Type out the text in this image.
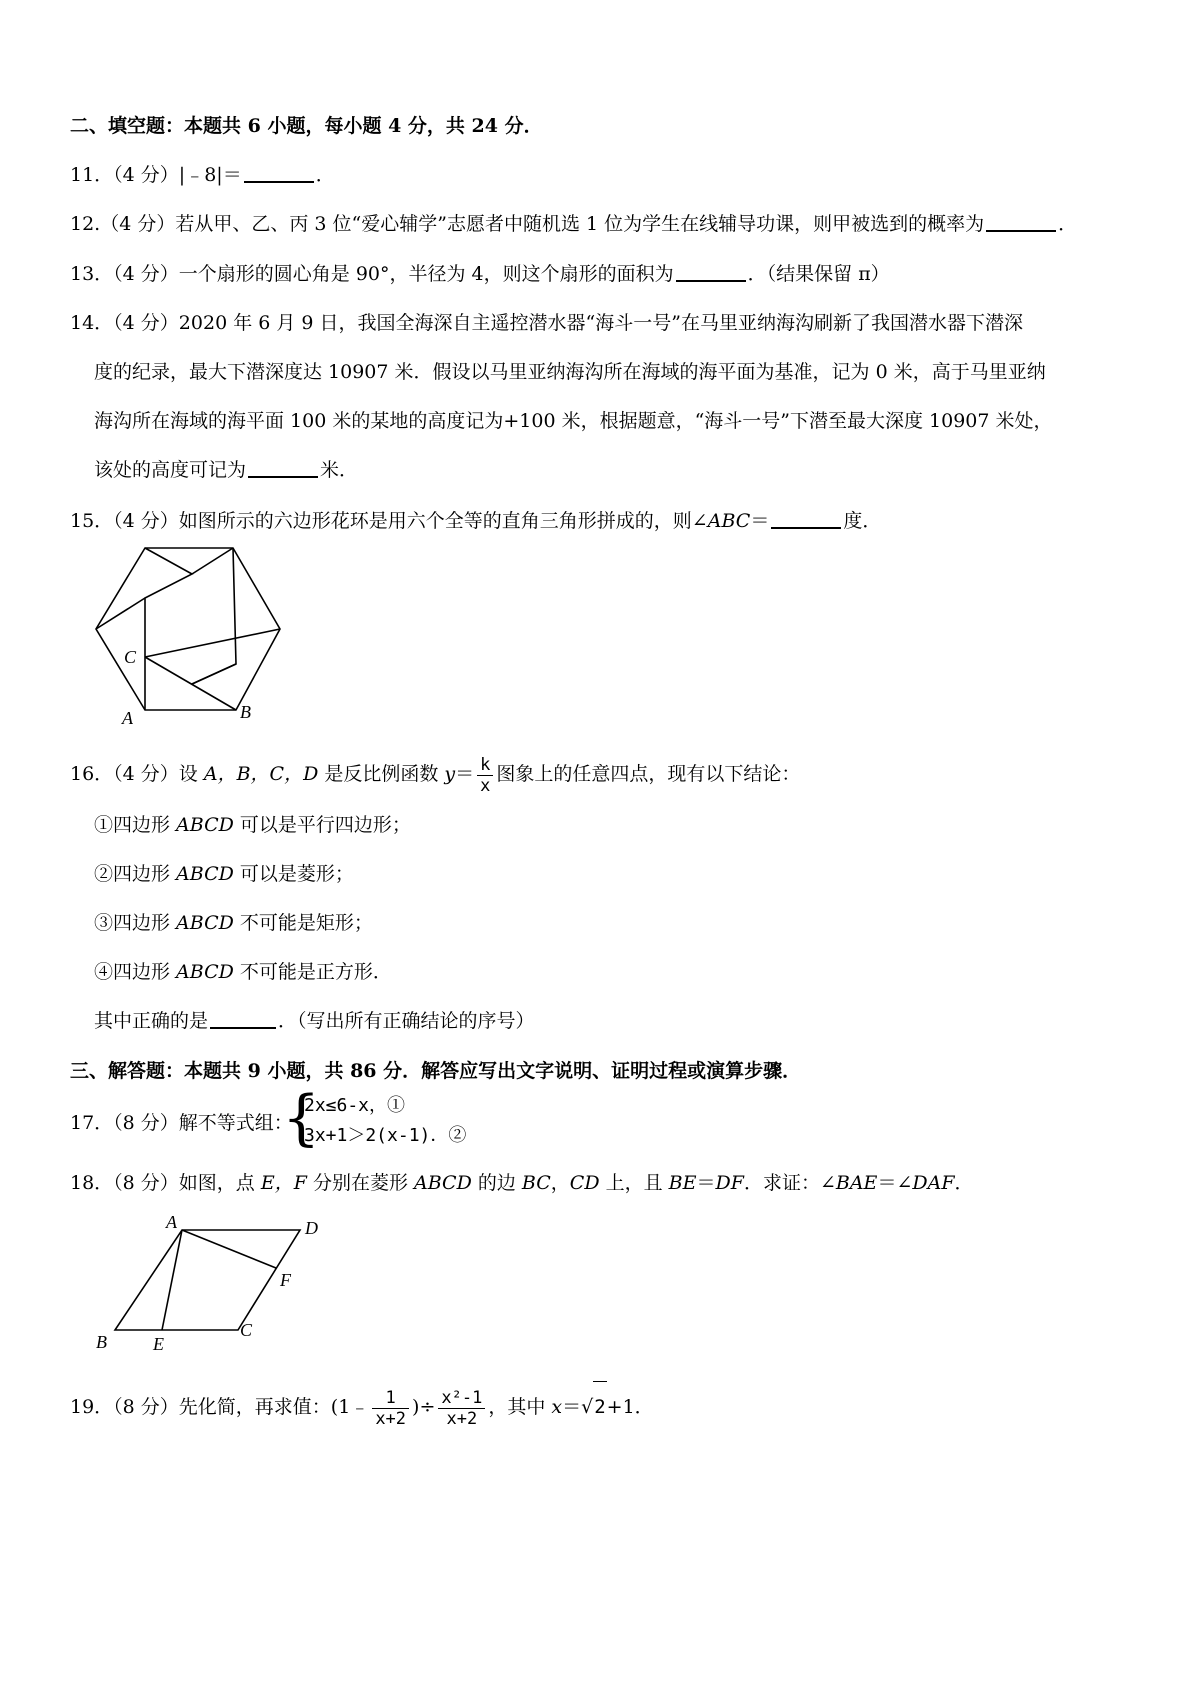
二、填空题：本题共 6 小题，每小题 4 分，共 24 分．
11．（4 分）|﹣8|＝	．
12.（4 分）若从甲、乙、丙 3 位“爱心辅学”志愿者中随机选 1 位为学生在线辅导功课，则甲被选到的概率为	．
13．（4 分）一个扇形的圆心角是 90°，半径为 4，则这个扇形的面积为	．（结果保留 π）
14．（4 分）2020 年 6 月 9 日，我国全海深自主遥控潜水器“海斗一号”在马里亚纳海沟刷新了我国潜水器下潜深
度的纪录，最大下潜深度达 10907 米．假设以马里亚纳海沟所在海域的海平面为基准，记为 0 米，高于马里亚纳
海沟所在海域的海平面 100 米的某地的高度记为+100 米，根据题意，“海斗一号”下潜至最大深度 10907 米处，
该处的高度可记为	米．
15．（4 分）如图所示的六边形花环是用六个全等的直角三角形拼成的，则∠ABC＝	度．
C
A	B
16．（4 分）设 A，B，C，D 是反比例函数 $y= \frac{k}{x}$ 图象上的任意四点，现有以下结论：
①四边形 ABCD 可以是平行四边形；
②四边形 ABCD 可以是菱形；
③四边形 ABCD 不可能是矩形；
④四边形 ABCD 不可能是正方形．
其中正确的是	．（写出所有正确结论的序号）
三、解答题：本题共 9 小题，共 86 分．解答应写出文字说明、证明过程或演算步骤．
17．（8 分）解不等式组：
{
2x≤6-x，①
3x+1＞2(x-1)．②
18．（8 分）如图，点 E，F 分别在菱形 ABCD 的边 BC，CD 上，且 BE＝DF．求证：∠BAE＝∠DAF．
A	D
F
B	E
C
19．（8 分）先化简，再求值：(1﹣ $\frac{1}{x+2}$ )÷ $\frac{\text{x²-1}}{x+2}$ ，其中 x＝√2+1．
